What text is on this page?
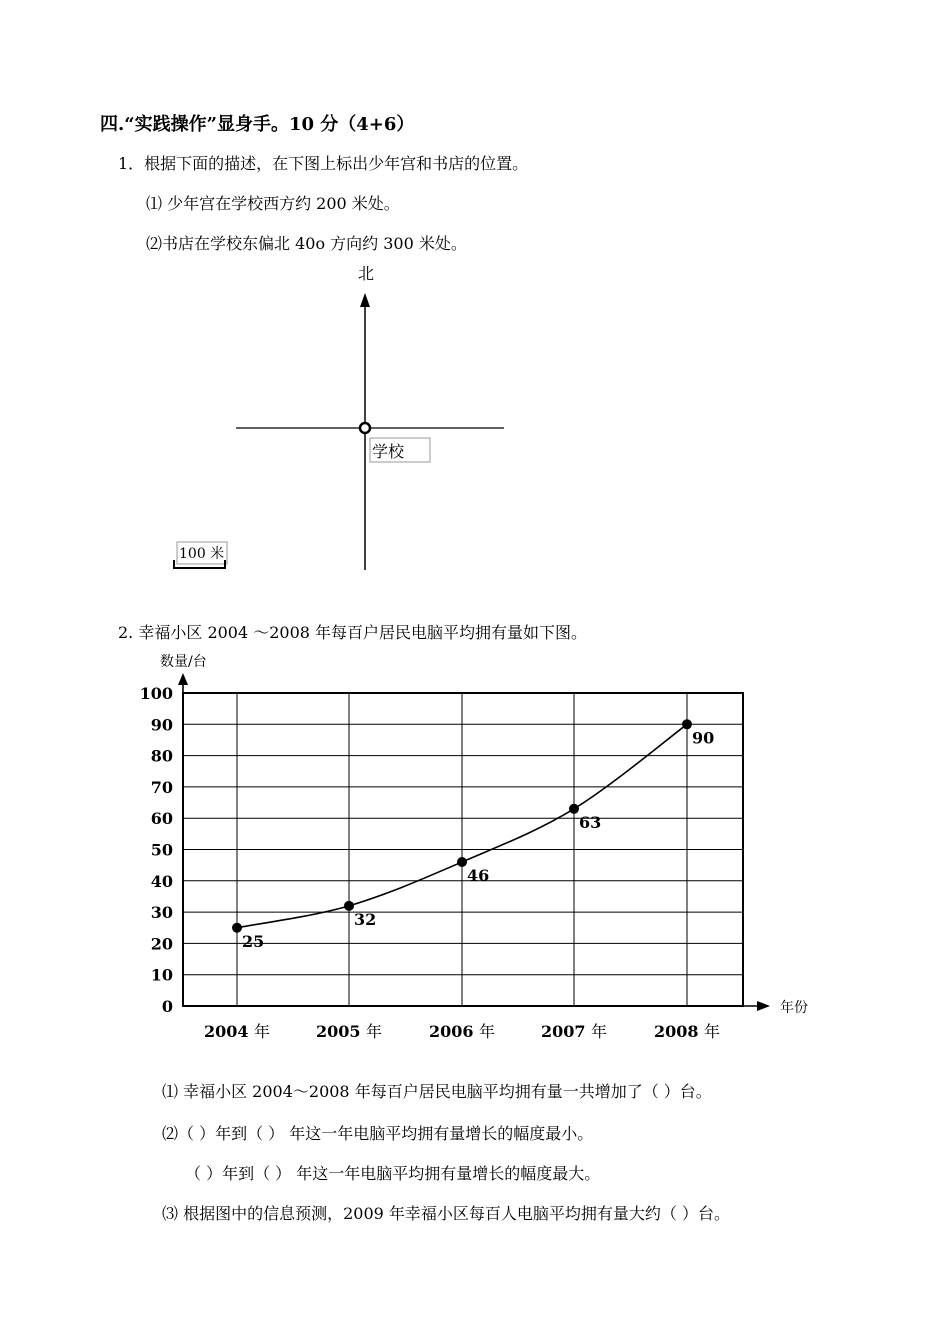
四.“实践操作”显身手。10 分（4+6）
1．根据下面的描述，在下图上标出少年宫和书店的位置。
⑴ 少年宫在学校西方约 200 米处。
⑵书店在学校东偏北 40o 方向约 300 米处。
北
学校
100 米
2. 幸福小区 2004 ～2008 年每百户居民电脑平均拥有量如下图。
数量/台
年份
0
10
20
30
40
50
60
70
80
90
100
2004 年	2005 年	2006 年	2007 年	2008 年
25
32
46
63
90
⑴ 幸福小区 2004～2008 年每百户居民电脑平均拥有量一共增加了（ ）台。
⑵（ ）年到（ ） 年这一年电脑平均拥有量增长的幅度最小。
（ ）年到（ ） 年这一年电脑平均拥有量增长的幅度最大。
⑶ 根据图中的信息预测，2009 年幸福小区每百人电脑平均拥有量大约（ ）台。
